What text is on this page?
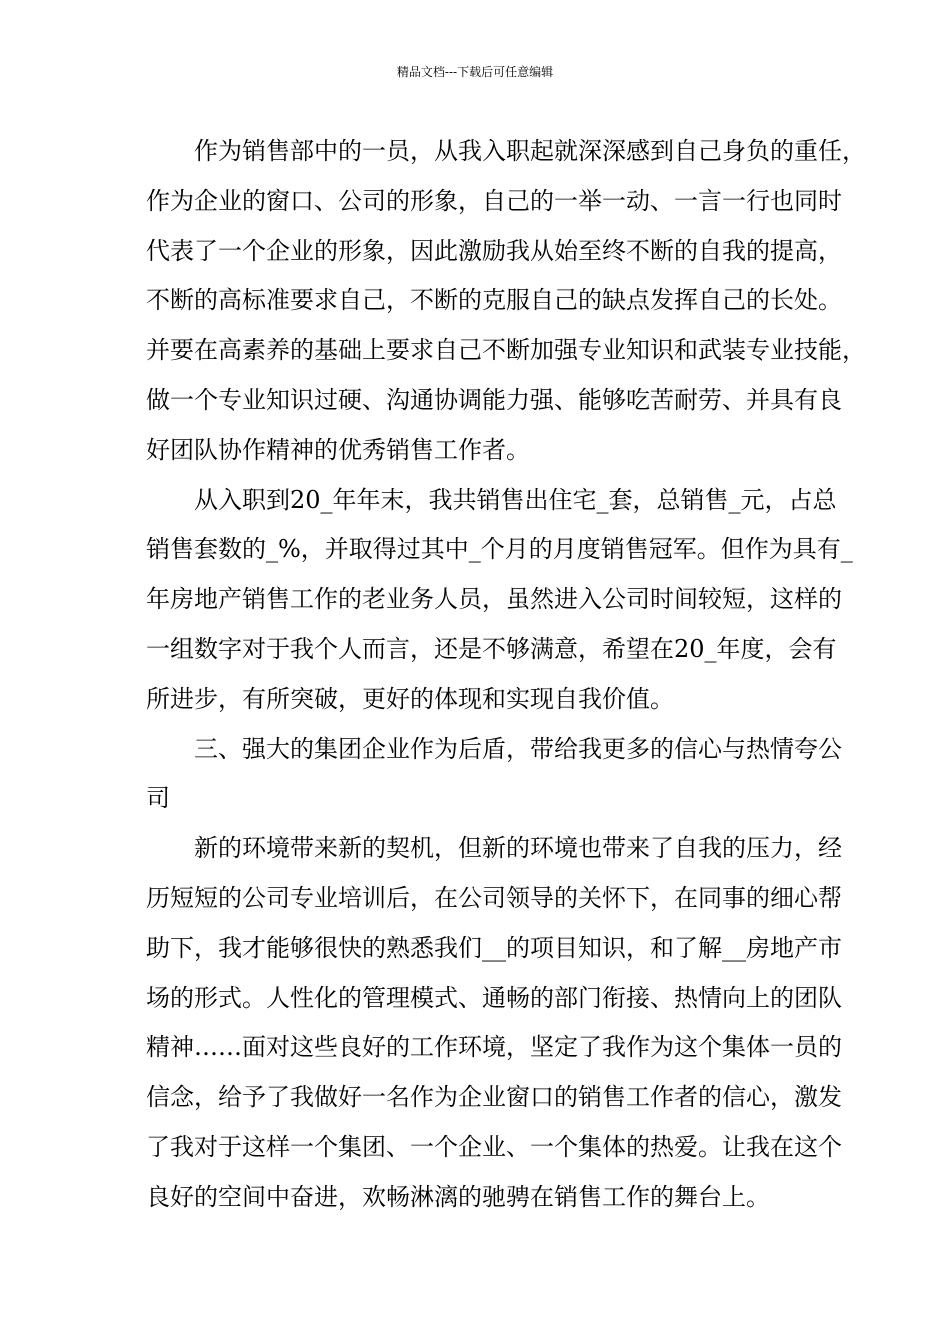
精品文档---下载后可任意编辑

　　作为销售部中的一员，从我入职起就深深感到自己身负的重任，
作为企业的窗口、公司的形象，自己的一举一动、一言一行也同时
代表了一个企业的形象，因此激励我从始至终不断的自我的提高，
不断的高标准要求自己，不断的克服自己的缺点发挥自己的长处。
并要在高素养的基础上要求自己不断加强专业知识和武装专业技能，
做一个专业知识过硬、沟通协调能力强、能够吃苦耐劳、并具有良
好团队协作精神的优秀销售工作者。

　　从入职到20_年年末，我共销售出住宅_套，总销售_元，占总
销售套数的_%，并取得过其中_个月的月度销售冠军。但作为具有_
年房地产销售工作的老业务人员，虽然进入公司时间较短，这样的
一组数字对于我个人而言，还是不够满意，希望在20_年度，会有
所进步，有所突破，更好的体现和实现自我价值。

　　三、强大的集团企业作为后盾，带给我更多的信心与热情夸公
司

　　新的环境带来新的契机，但新的环境也带来了自我的压力，经
历短短的公司专业培训后，在公司领导的关怀下，在同事的细心帮
助下，我才能够很快的熟悉我们__的项目知识，和了解__房地产市
场的形式。人性化的管理模式、通畅的部门衔接、热情向上的团队
精神……面对这些良好的工作环境，坚定了我作为这个集体一员的
信念，给予了我做好一名作为企业窗口的销售工作者的信心，激发
了我对于这样一个集团、一个企业、一个集体的热爱。让我在这个
良好的空间中奋进，欢畅淋漓的驰骋在销售工作的舞台上。
